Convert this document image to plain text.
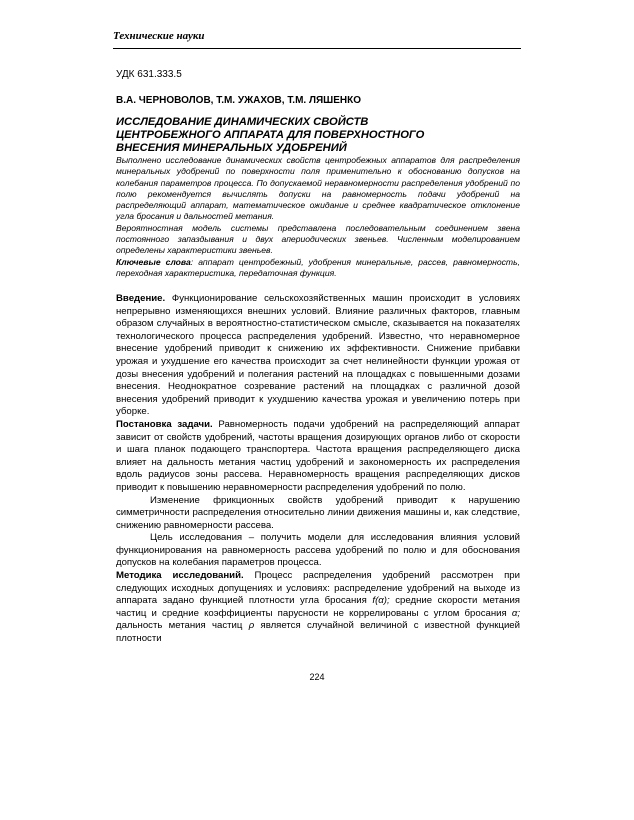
Технические науки
УДК 631.333.5
В.А. ЧЕРНОВОЛОВ, Т.М. УЖАХОВ, Т.М. ЛЯШЕНКО
ИССЛЕДОВАНИЕ ДИНАМИЧЕСКИХ СВОЙСТВ
ЦЕНТРОБЕЖНОГО АППАРАТА ДЛЯ ПОВЕРХНОСТНОГО
ВНЕСЕНИЯ МИНЕРАЛЬНЫХ УДОБРЕНИЙ

Выполнено исследование динамических свойств центробежных аппаратов для распределения минеральных удобрений по поверхности поля применительно к обоснованию допусков на колебания параметров процесса. По допускаемой неравномерности распределения удобрений по полю рекомендуется вычислять допуски на равномерность подачи удобрений на распределяющий аппарат, математическое ожидание и среднее квадратическое отклонение угла бросания и дальностей метания.

Вероятностная модель системы представлена последовательным соединением звена постоянного запаздывания и двух апериодических звеньев. Численным моделированием определены характеристики звеньев.

Ключевые слова: аппарат центробежный, удобрения минеральные, рассев, равномерность, переходная характеристика, передаточная функция.

Введение. Функционирование сельскохозяйственных машин происходит в условиях непрерывно изменяющихся внешних условий. Влияние различных факторов, главным образом случайных в вероятностно-статистическом смысле, сказывается на показателях технологического процесса распределения удобрений. Известно, что неравномерное внесение удобрений приводит к снижению их эффективности. Снижение прибавки урожая и ухудшение его качества происходит за счет нелинейности функции урожая от дозы внесения удобрений и полегания растений на площадках с повышенными дозами внесения. Неоднократное созревание растений на площадках с различной дозой внесения удобрений приводит к ухудшению качества урожая и увеличению потерь при уборке.

Постановка задачи. Равномерность подачи удобрений на распределяющий аппарат зависит от свойств удобрений, частоты вращения дозирующих органов либо от скорости и шага планок подающего транспортера. Частота вращения распределяющего диска влияет на дальность метания частиц удобрений и закономерность их распределения вдоль радиусов зоны рассева. Неравномерность вращения распределяющих дисков приводит к повышению неравномерности распределения удобрений по полю.

Изменение фрикционных свойств удобрений приводит к нарушению симметричности распределения относительно линии движения машины и, как следствие, снижению равномерности рассева.

Цель исследования – получить модели для исследования влияния условий функционирования на равномерность рассева удобрений по полю и для обоснования допусков на колебания параметров процесса.

Методика исследований. Процесс распределения удобрений рассмотрен при следующих исходных допущениях и условиях: распределение удобрений на выходе из аппарата задано функцией плотности угла бросания f(α); средние скорости метания частиц и средние коэффициенты парусности не коррелированы с углом бросания α; дальность метания частиц ρ является случайной величиной с известной функцией плотности

224
